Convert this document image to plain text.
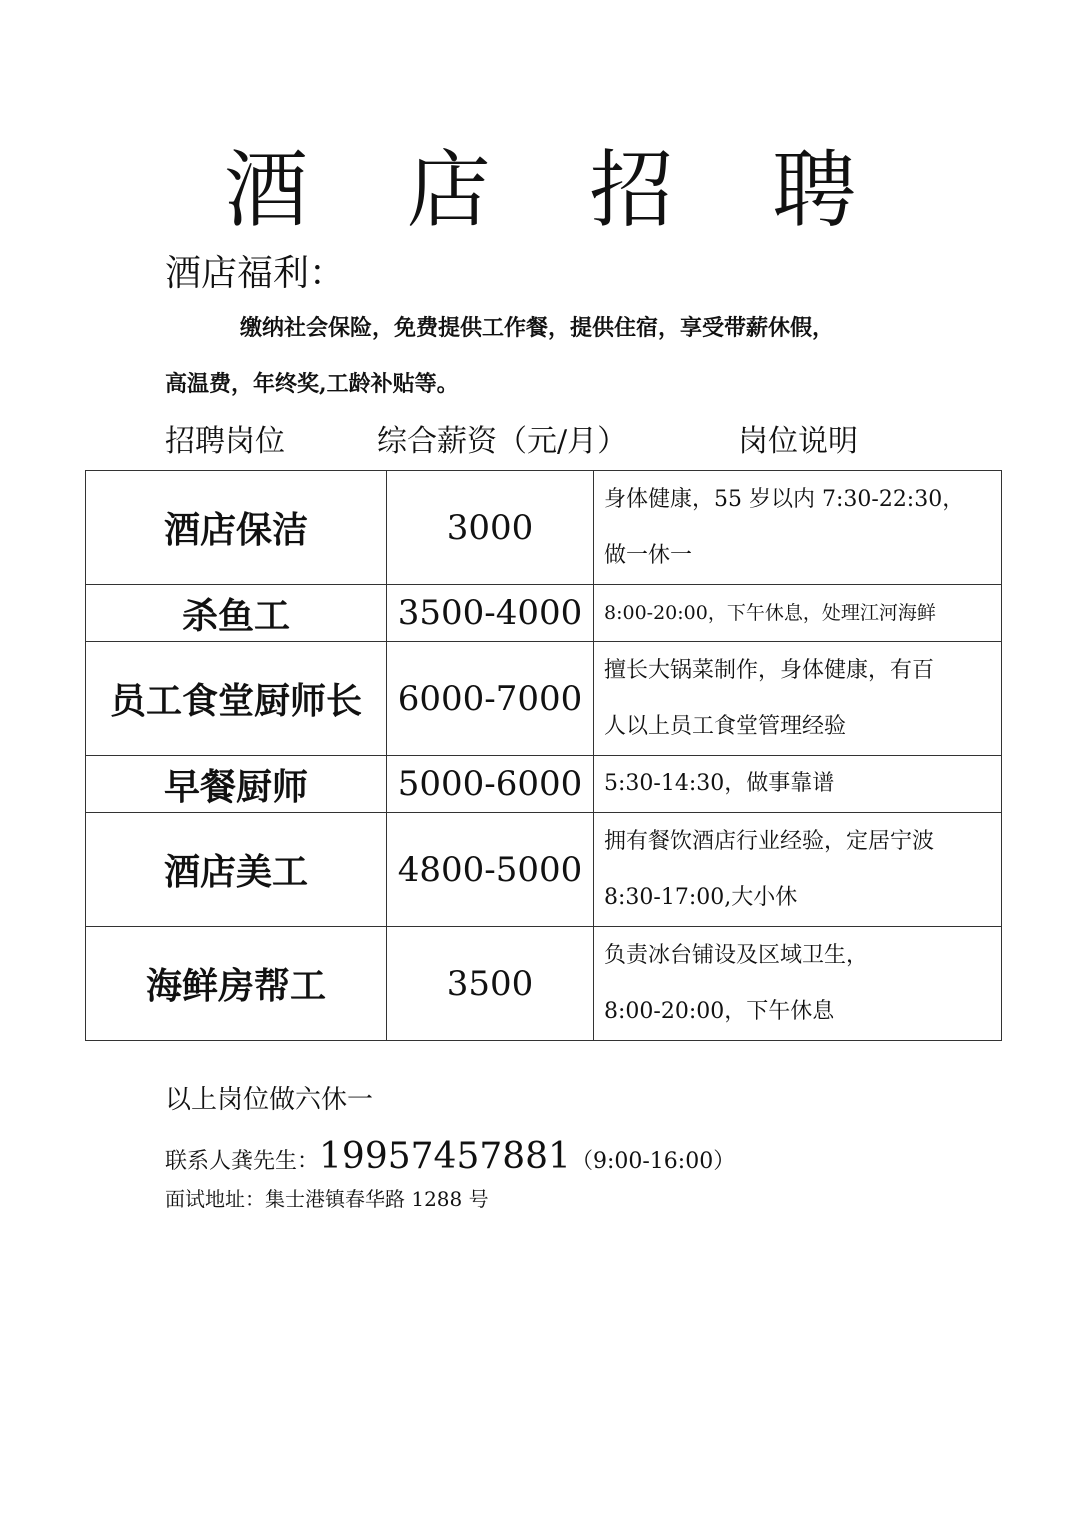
酒 店 招 聘
酒店福利：
缴纳社会保险，免费提供工作餐，提供住宿，享受带薪休假，
高温费，年终奖,工龄补贴等。
招聘岗位	综合薪资（元/月）	岗位说明
酒店保洁	3000	身体健康，55 岁以内 7:30-22:30，
做一休一

杀鱼工	3500-4000	8:00-20:00，下午休息，处理江河海鲜

员工食堂厨师长	6000-7000	擅长大锅菜制作，身体健康，有百
人以上员工食堂管理经验

早餐厨师	5000-6000	5:30-14:30，做事靠谱

酒店美工	4800-5000	拥有餐饮酒店行业经验，定居宁波
8:30-17:00,大小休

海鲜房帮工	3500	负责冰台铺设及区域卫生，
8:00-20:00，下午休息
以上岗位做六休一
联系人龚先生：19957457881（9:00-16:00）
面试地址：集士港镇春华路 1288 号
